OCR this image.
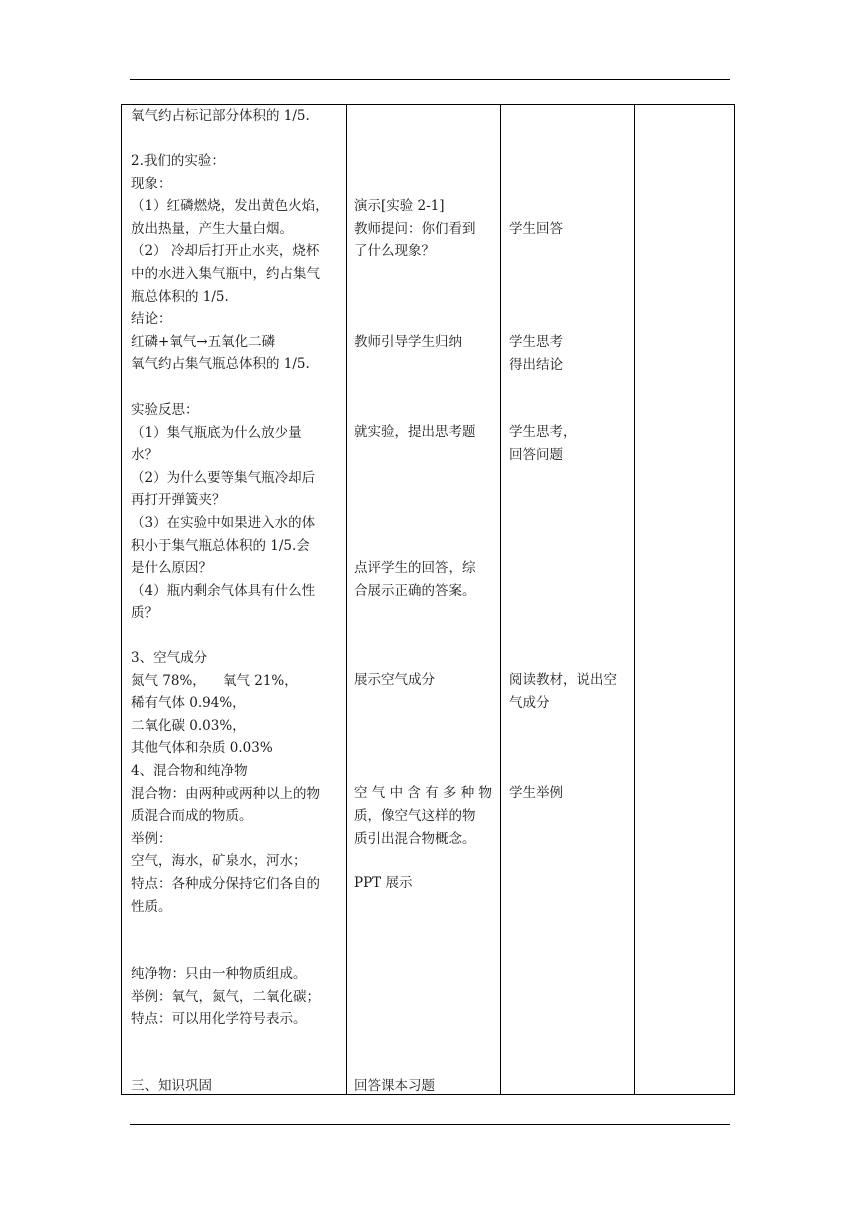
氧气约占标记部分体积的 1/5.
2.我们的实验：
现象：
（1）红磷燃烧，发出黄色火焰，
放出热量，产生大量白烟。
（2） 冷却后打开止水夹，烧杯
中的水进入集气瓶中，约占集气
瓶总体积的 1/5.
结论：
红磷+氧气→五氧化二磷
氧气约占集气瓶总体积的 1/5.
实验反思：
（1）集气瓶底为什么放少量
水？
（2）为什么要等集气瓶冷却后
再打开弹簧夹？
（3）在实验中如果进入水的体
积小于集气瓶总体积的 1/5.会
是什么原因？
（4）瓶内剩余气体具有什么性
质？
3、空气成分
氮气 78%，    氧气 21%，
稀有气体 0.94%，
二氧化碳 0.03%，
其他气体和杂质 0.03%
4、混合物和纯净物
混合物：由两种或两种以上的物
质混合而成的物质。
举例：
空气，海水，矿泉水，河水；
特点：各种成分保持它们各自的
性质。
纯净物：只由一种物质组成。
举例：氧气，氮气，二氧化碳；
特点：可以用化学符号表示。
三、知识巩固
演示[实验 2-1]
教师提问：你们看到
了什么现象？
教师引导学生归纳
就实验，提出思考题
点评学生的回答，综
合展示正确的答案。
展示空气成分
空气中含有多种物
质，像空气这样的物
质引出混合物概念。
PPT 展示
回答课本习题
学生回答
学生思考
得出结论
学生思考，
回答问题
阅读教材，说出空
气成分
学生举例
